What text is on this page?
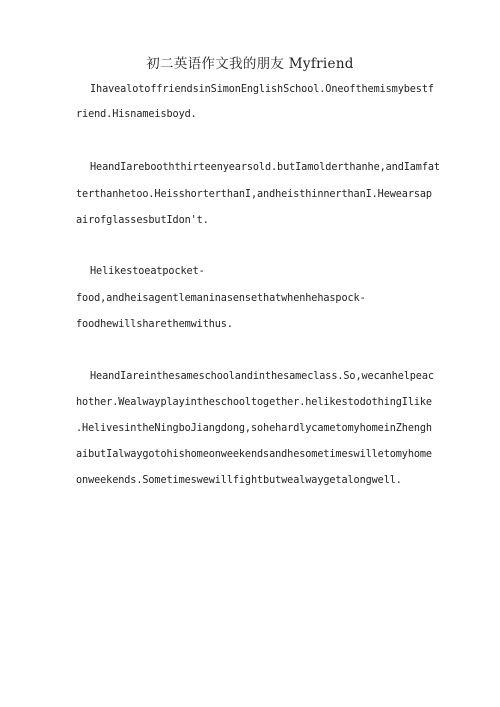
初二英语作文我的朋友 Myfriend
IhavealotoffriendsinSimonEnglishSchool.Oneofthemismybestf
riend.Hisnameisboyd.
HeandIarebooththirteenyearsold.butIamolderthanhe,andIamfat
terthanhetoo.HeisshorterthanI,andheisthinnerthanI.Hewearsap
airofglassesbutIdon't.
Helikestoeatpocket-
food,andheisagentlemaninasensethatwhenhehaspock-
foodhewillsharethemwithus.
HeandIareinthesameschoolandinthesameclass.So,wecanhelpeac
hother.Wealwayplayintheschooltogether.helikestodothingIlike
.HelivesintheNingboJiangdong,sohehardlycametomyhomeinZhengh
aibutIalwaygotohishomeonweekendsandhesometimeswilletomyhome
onweekends.Sometimeswewillfightbutwealwaygetalongwell.
